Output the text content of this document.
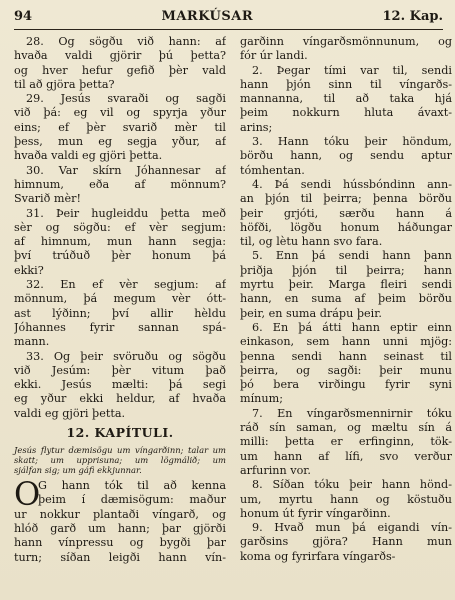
94	MARKÚSAR	12. Kap.
28. Og sögðu við hann: af
hvaða valdi gjörir þú þetta?
og hver hefur gefið þèr vald
til að gjöra þetta?
29. Jesús svaraði og sagði
við þá: eg vil og spyrja yður
eins; ef þèr svarið mèr til
þess, mun eg segja yður, af
hvaða valdi eg gjöri þetta.
30. Var skírn Jóhannesar af
himnum, eða af mönnum?
Svarið mèr!
31. Þeir hugleiddu þetta með
sèr og sögðu: ef vèr segjum:
af himnum, mun hann segja:
því trúðuð þèr honum þá
ekki?
32. En ef vèr segjum: af
mönnum, þá megum vèr ótt-
ast lýðinn; því allir hèldu
Jóhannes fyrir sannan spá-
mann.
33. Og þeir svöruðu og sögðu
við Jesúm: þèr vitum það
ekki. Jesús mælti: þá segi
eg yður ekki heldur, af hvaða
valdi eg gjöri þetta.
12. KAPÍTULI.
Jesús flytur dæmisögu um víngarðinn; talar um
skatt; um upprisuna; um lögmálið; um
sjálfan sig; um gáfi ekkjunnar.
O
G hann tók til að kenna
þeim í dæmisögum: maður
ur nokkur plantaði víngarð, og
hlóð garð um hann; þar gjörði
hann vínpressu og bygði þar
turn; síðan leigði hann vín-
garðinn víngarðsmönnunum, og
fór úr landi.
2. Þegar tími var til, sendi
hann þjón sinn til víngarðs-
mannanna, til að taka hjá
þeim nokkurn hluta ávaxt-
arins;
3. Hann tóku þeir höndum,
börðu hann, og sendu aptur
tómhentan.
4. Þá sendi hússbóndinn ann-
an þjón til þeirra; þenna börðu
þeir grjóti, særðu hann á
höfði, lögðu honum háðungar
til, og lètu hann svo fara.
5. Enn þá sendi hann þann
þriðja þjón til þeirra; hann
myrtu þeir. Marga fleiri sendi
hann, en suma af þeim börðu
þeir, en suma drápu þeir.
6. En þá átti hann eptir einn
einkason, sem hann unni mjög:
þenna sendi hann seinast til
þeirra, og sagði: þeir munu
þó bera virðingu fyrir syni
mínum;
7. En víngarðsmennirnir tóku
ráð sín saman, og mæltu sín á
milli: þetta er erfinginn, tök-
um hann af lífi, svo verður
arfurinn vor.
8. Síðan tóku þeir hann hönd-
um, myrtu hann og köstuðu
honum út fyrir víngarðinn.
9. Hvað mun þá eigandi vín-
garðsins gjöra? Hann mun
koma og fyrirfara víngarðs-
